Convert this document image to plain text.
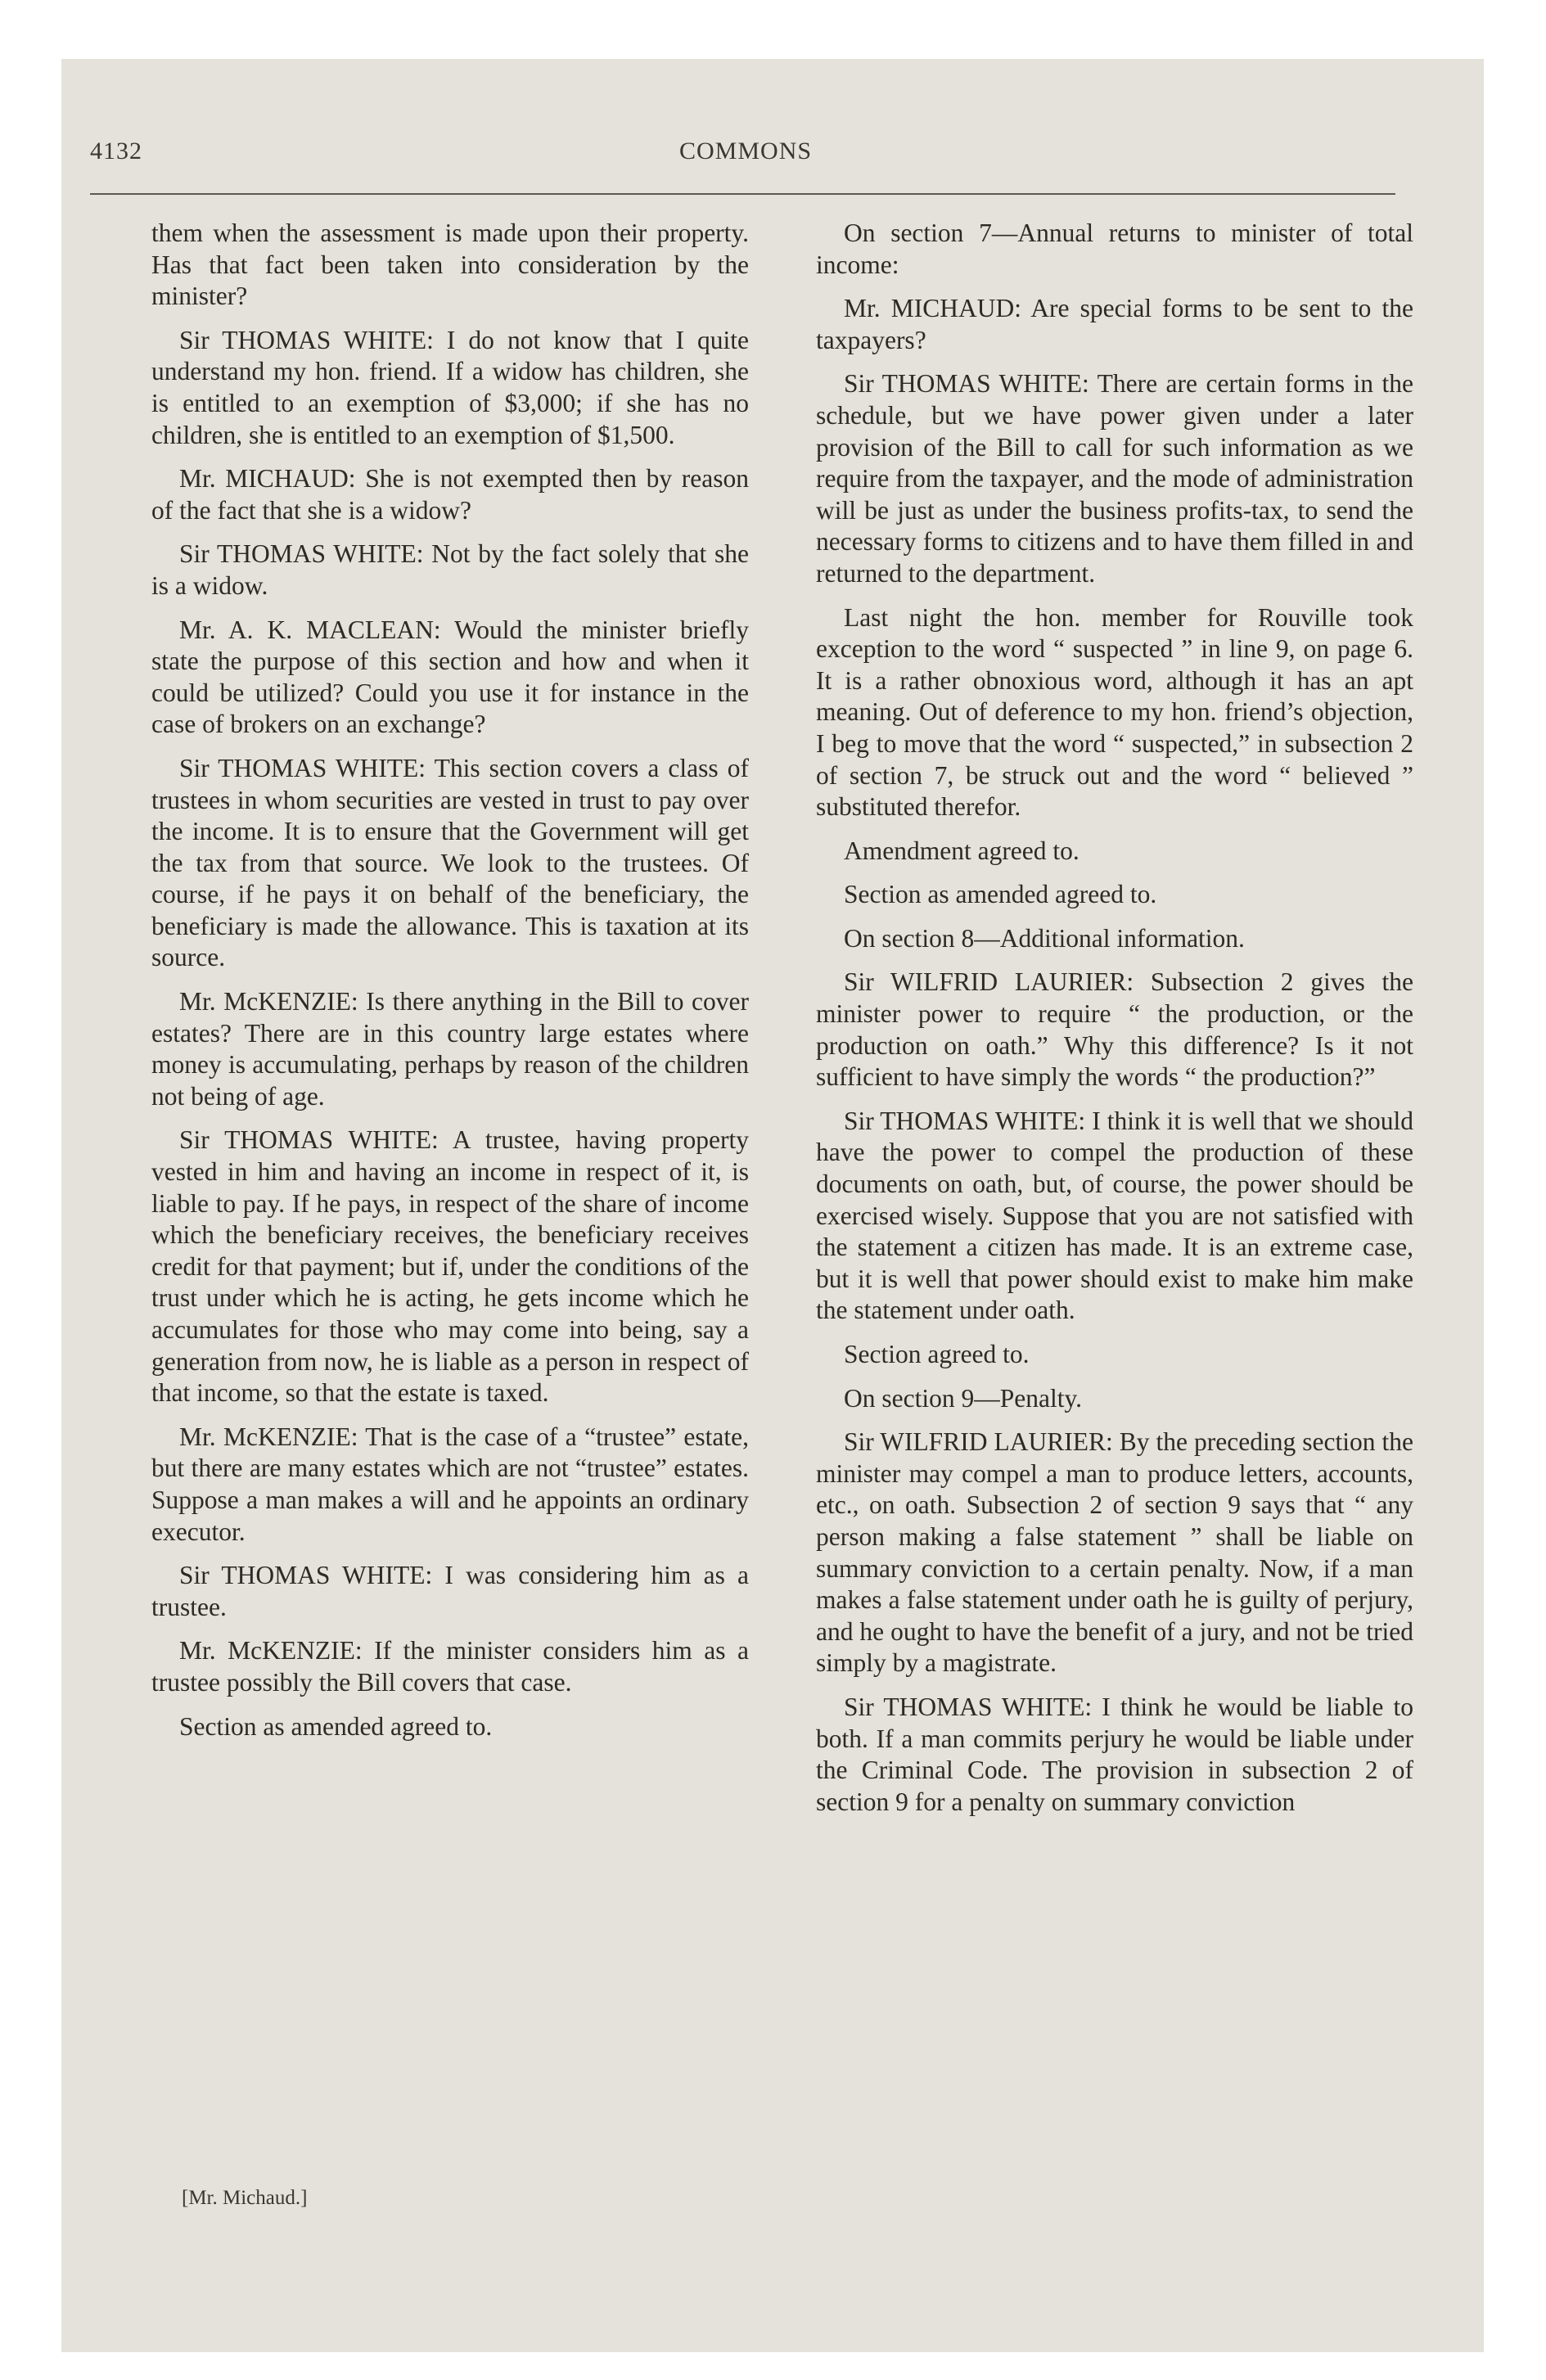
4132	COMMONS

them when the assessment is made upon their property. Has that fact been taken into consideration by the minister?

Sir THOMAS WHITE: I do not know that I quite understand my hon. friend. If a widow has children, she is entitled to an exemption of $3,000; if she has no children, she is entitled to an exemption of $1,500.

Mr. MICHAUD: She is not exempted then by reason of the fact that she is a widow?

Sir THOMAS WHITE: Not by the fact solely that she is a widow.

Mr. A. K. MACLEAN: Would the minister briefly state the purpose of this section and how and when it could be utilized? Could you use it for instance in the case of brokers on an exchange?

Sir THOMAS WHITE: This section covers a class of trustees in whom securities are vested in trust to pay over the income. It is to ensure that the Government will get the tax from that source. We look to the trustees. Of course, if he pays it on behalf of the beneficiary, the beneficiary is made the allowance. This is taxation at its source.

Mr. McKENZIE: Is there anything in the Bill to cover estates? There are in this country large estates where money is accumulating, perhaps by reason of the children not being of age.

Sir THOMAS WHITE: A trustee, having property vested in him and having an income in respect of it, is liable to pay. If he pays, in respect of the share of income which the beneficiary receives, the beneficiary receives credit for that payment; but if, under the conditions of the trust under which he is acting, he gets income which he accumulates for those who may come into being, say a generation from now, he is liable as a person in respect of that income, so that the estate is taxed.

Mr. McKENZIE: That is the case of a “trustee” estate, but there are many estates which are not “trustee” estates. Suppose a man makes a will and he appoints an ordinary executor.

Sir THOMAS WHITE: I was considering him as a trustee.

Mr. McKENZIE: If the minister considers him as a trustee possibly the Bill covers that case.

Section as amended agreed to.

[Mr. Michaud.]

On section 7—Annual returns to minister of total income:

Mr. MICHAUD: Are special forms to be sent to the taxpayers?

Sir THOMAS WHITE: There are certain forms in the schedule, but we have power given under a later provision of the Bill to call for such information as we require from the taxpayer, and the mode of administration will be just as under the business profits-tax, to send the necessary forms to citizens and to have them filled in and returned to the department.

Last night the hon. member for Rouville took exception to the word “ suspected ” in line 9, on page 6. It is a rather obnoxious word, although it has an apt meaning. Out of deference to my hon. friend’s objection, I beg to move that the word “ suspected,” in subsection 2 of section 7, be struck out and the word “ believed ” substituted therefor.

Amendment agreed to.

Section as amended agreed to.

On section 8—Additional information.

Sir WILFRID LAURIER: Subsection 2 gives the minister power to require “ the production, or the production on oath.” Why this difference? Is it not sufficient to have simply the words “ the production?”

Sir THOMAS WHITE: I think it is well that we should have the power to compel the production of these documents on oath, but, of course, the power should be exercised wisely. Suppose that you are not satisfied with the statement a citizen has made. It is an extreme case, but it is well that power should exist to make him make the statement under oath.

Section agreed to.

On section 9—Penalty.

Sir WILFRID LAURIER: By the preceding section the minister may compel a man to produce letters, accounts, etc., on oath. Subsection 2 of section 9 says that “ any person making a false statement ” shall be liable on summary conviction to a certain penalty. Now, if a man makes a false statement under oath he is guilty of perjury, and he ought to have the benefit of a jury, and not be tried simply by a magistrate.

Sir THOMAS WHITE: I think he would be liable to both. If a man commits perjury he would be liable under the Criminal Code. The provision in subsection 2 of section 9 for a penalty on summary conviction
